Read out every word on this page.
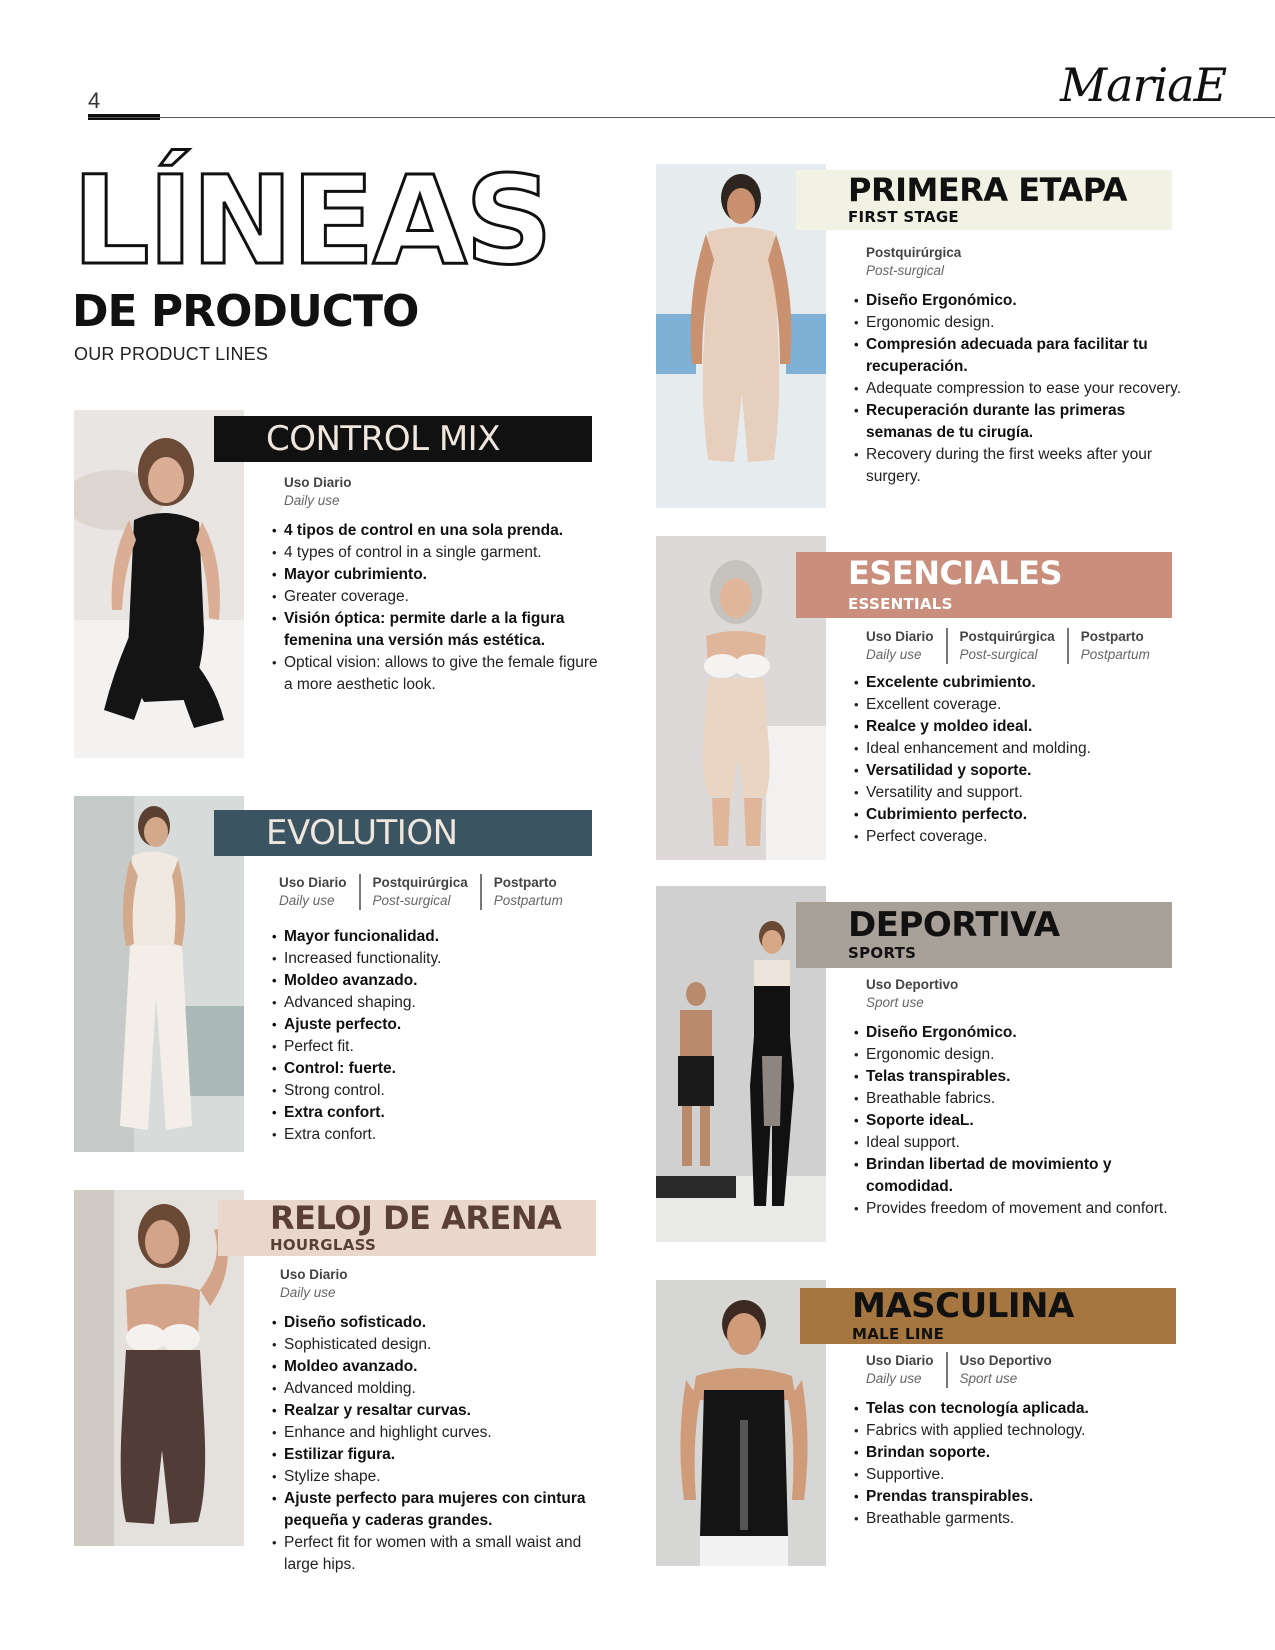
4	MariaE
LÍNEAS
DE PRODUCTO
OUR PRODUCT LINES
CONTROL MIX
Uso Diario
Daily use
• 4 tipos de control en una sola prenda.
• 4 types of control in a single garment.
• Mayor cubrimiento.
• Greater coverage.
• Visión óptica: permite darle a la figura femenina una versión más estética.
• Optical vision: allows to give the female figure a more aesthetic look.
EVOLUTION
Uso Diario
Daily use
Postquirúrgica
Post-surgical
Postparto
Postpartum
• Mayor funcionalidad.
• Increased functionality.
• Moldeo avanzado.
• Advanced shaping.
• Ajuste perfecto.
• Perfect fit.
• Control: fuerte.
• Strong control.
• Extra confort.
• Extra confort.
RELOJ DE ARENA
HOURGLASS
Uso Diario
Daily use
• Diseño sofisticado.
• Sophisticated design.
• Moldeo avanzado.
• Advanced molding.
• Realzar y resaltar curvas.
• Enhance and highlight curves.
• Estilizar figura.
• Stylize shape.
• Ajuste perfecto para mujeres con cintura pequeña y caderas grandes.
• Perfect fit for women with a small waist and large hips.
PRIMERA ETAPA
FIRST STAGE
Postquirúrgica
Post-surgical
• Diseño Ergonómico.
• Ergonomic design.
• Compresión adecuada para facilitar tu recuperación.
• Adequate compression to ease your recovery.
• Recuperación durante las primeras semanas de tu cirugía.
• Recovery during the first weeks after your surgery.
ESENCIALES
ESSENTIALS
Uso Diario
Daily use
Postquirúrgica
Post-surgical
Postparto
Postpartum
• Excelente cubrimiento.
• Excellent coverage.
• Realce y moldeo ideal.
• Ideal enhancement and molding.
• Versatilidad y soporte.
• Versatility and support.
• Cubrimiento perfecto.
• Perfect coverage.
DEPORTIVA
SPORTS
Uso Deportivo
Sport use
• Diseño Ergonómico.
• Ergonomic design.
• Telas transpirables.
• Breathable fabrics.
• Soporte ideaL.
• Ideal support.
• Brindan libertad de movimiento y comodidad.
• Provides freedom of movement and confort.
MASCULINA
MALE LINE
Uso Diario
Daily use
Uso Deportivo
Sport use
• Telas con tecnología aplicada.
• Fabrics with applied technology.
• Brindan soporte.
• Supportive.
• Prendas transpirables.
• Breathable garments.
